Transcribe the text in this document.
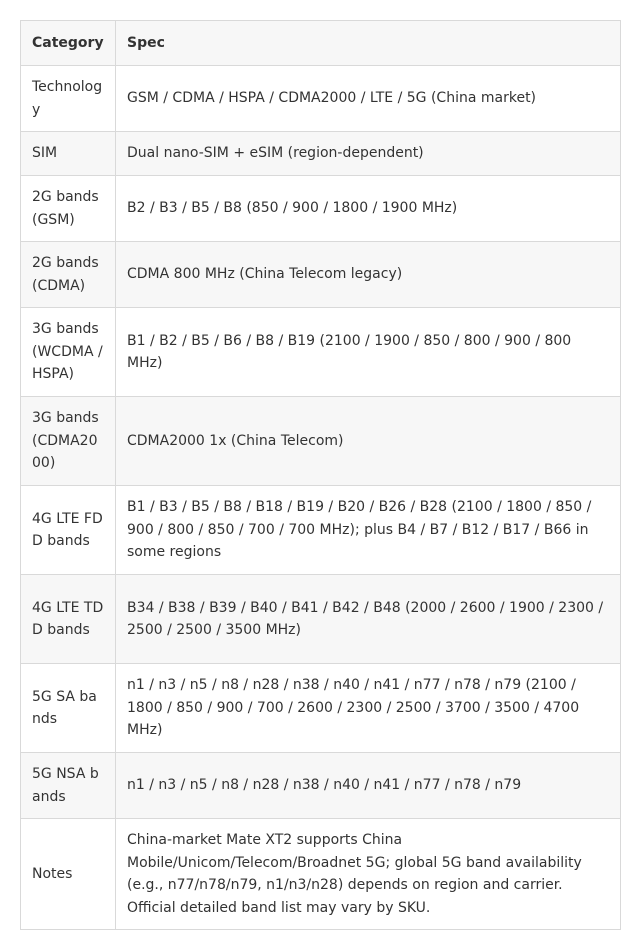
Category	Spec
Technology	GSM / CDMA / HSPA / CDMA2000 / LTE / 5G (China market)
SIM	Dual nano-SIM + eSIM (region-dependent)
2G bands (GSM)	B2 / B3 / B5 / B8 (850 / 900 / 1800 / 1900 MHz)
2G bands (CDMA)	CDMA 800 MHz (China Telecom legacy)
3G bands (WCDMA /HSPA)	B1 / B2 / B5 / B6 / B8 / B19 (2100 / 1900 / 850 / 800 / 900 / 800 MHz)
3G bands (CDMA2000)	CDMA2000 1x (China Telecom)
4G LTE FDD bands	B1 / B3 / B5 / B8 / B18 / B19 / B20 / B26 / B28 (2100 / 1800 / 850 / 900 / 800 / 850 / 700 / 700 MHz); plus B4 / B7 / B12 / B17 / B66 in some regions
4G LTE TDD bands	B34 / B38 / B39 / B40 / B41 / B42 / B48 (2000 / 2600 / 1900 / 2300 / 2500 / 2500 / 3500 MHz)
5G SA bands	n1 / n3 / n5 / n8 / n28 / n38 / n40 / n41 / n77 / n78 / n79 (2100 / 1800 / 850 / 900 / 700 / 2600 / 2300 / 2500 / 3700 / 3500 / 4700 MHz)
5G NSA bands	n1 / n3 / n5 / n8 / n28 / n38 / n40 / n41 / n77 / n78 / n79
Notes	China-market Mate XT2 supports China Mobile/Unicom/Telecom/Broadnet 5G; global 5G band availability (e.g., n77/n78/n79, n1/n3/n28) depends on region and carrier. Official detailed band list may vary by SKU.
